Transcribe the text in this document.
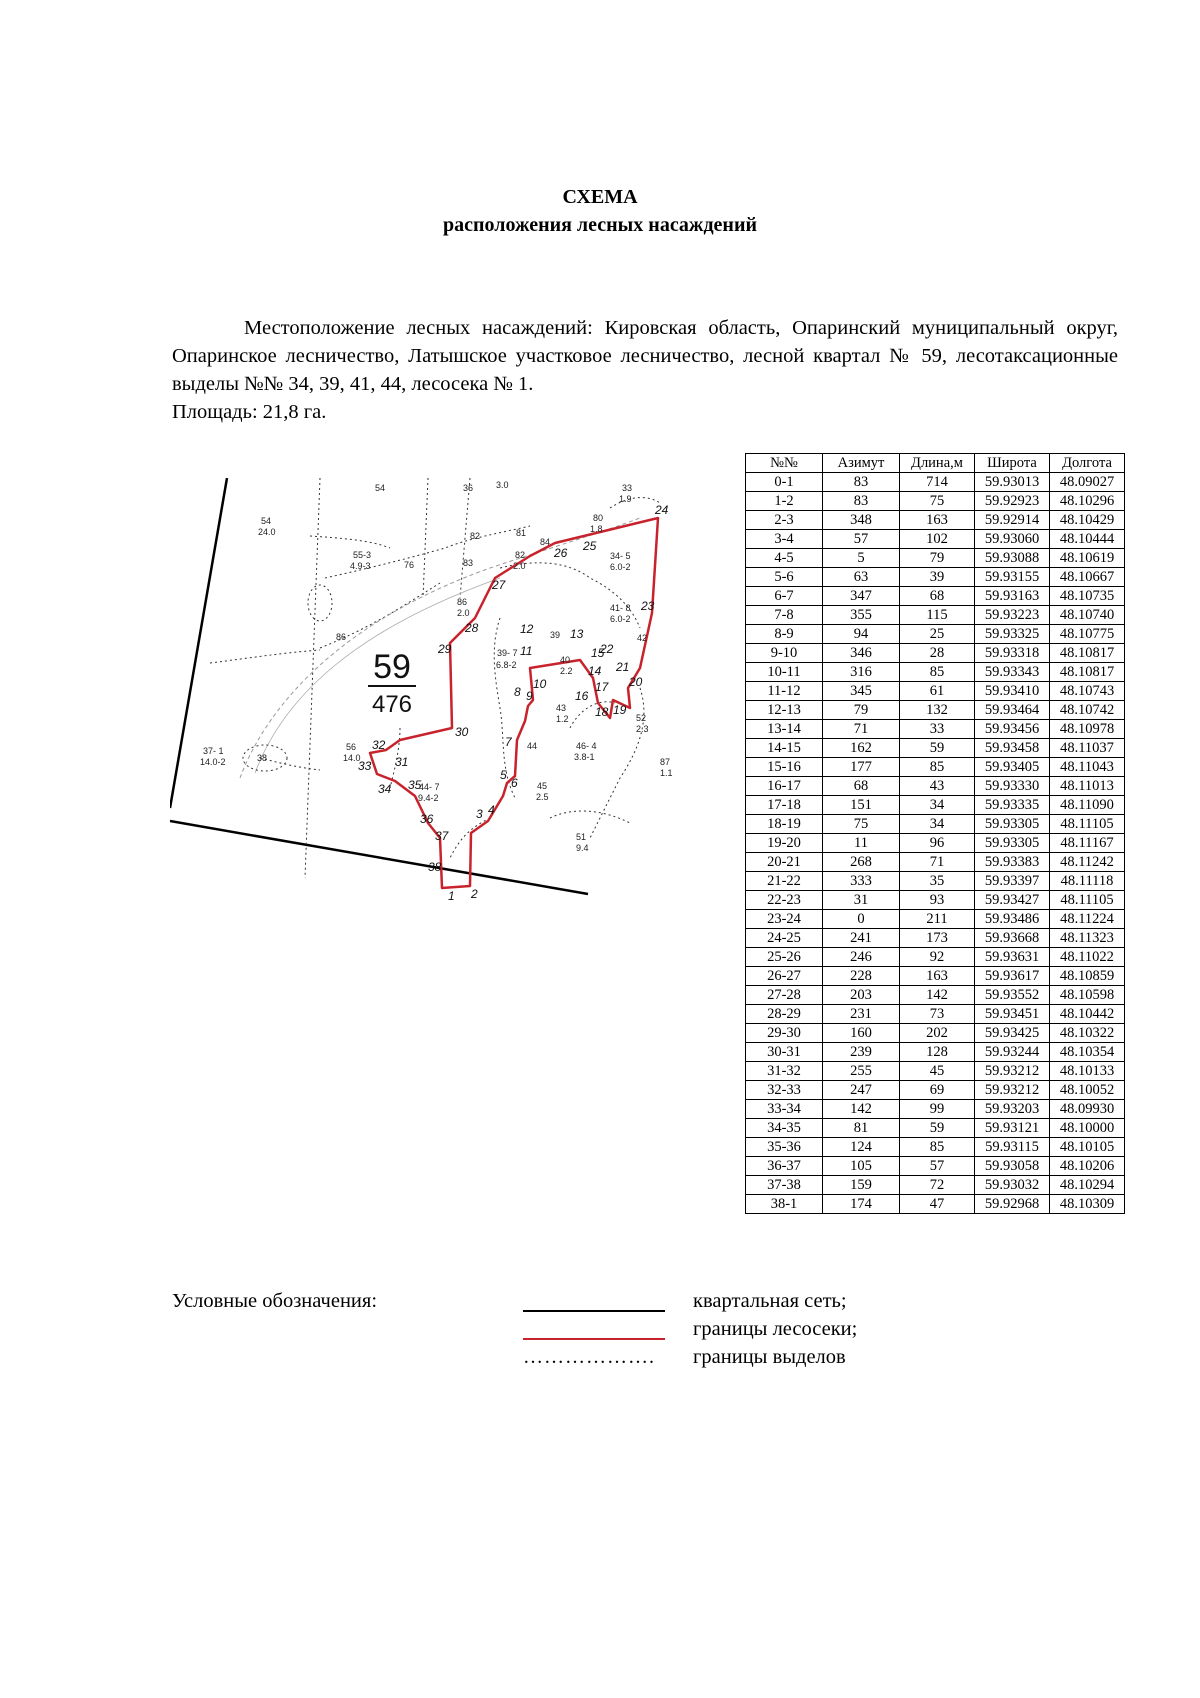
СХЕМА
расположения лесных насаждений
Местоположение лесных насаждений: Кировская область, Опаринский муниципальный округ, Опаринское лесничество, Латышское участковое лесничество, лесной квартал № 59, лесотаксационные выделы №№ 34, 39, 41, 44, лесосека № 1.
Площадь: 21,8 га.
59
476
54	36	3.0	33
1.9
54
24.0
80
1.8
82	81
84
55-3
4.9-3	76	83
82
2.0
34- 5
6.0-2
86
2.0	41- 8
6.0-2
86	39
39- 7
6.8-2	40
2.2
42
43
1.2	52
2.3
37- 1
14.0-2	38
56
14.0
44	46- 4
3.8-1	87
1.1
45
2.5
44- 7
9.4-2
51
9.4
1 2
3 4
5
6
7
8 9
10
11
12	13
14
15
16
17
18 19
20
21
22
23
24
25
26
27
28
29
30
31
32
33
34 35
36
37
38
№№	Азимут	Длина,м	Широта	Долгота
0-1	83	714	59.93013	48.09027
1-2	83	75	59.92923	48.10296
2-3	348	163	59.92914	48.10429
3-4	57	102	59.93060	48.10444
4-5	5	79	59.93088	48.10619
5-6	63	39	59.93155	48.10667
6-7	347	68	59.93163	48.10735
7-8	355	115	59.93223	48.10740
8-9	94	25	59.93325	48.10775
9-10	346	28	59.93318	48.10817
10-11	316	85	59.93343	48.10817
11-12	345	61	59.93410	48.10743
12-13	79	132	59.93464	48.10742
13-14	71	33	59.93456	48.10978
14-15	162	59	59.93458	48.11037
15-16	177	85	59.93405	48.11043
16-17	68	43	59.93330	48.11013
17-18	151	34	59.93335	48.11090
18-19	75	34	59.93305	48.11105
19-20	11	96	59.93305	48.11167
20-21	268	71	59.93383	48.11242
21-22	333	35	59.93397	48.11118
22-23	31	93	59.93427	48.11105
23-24	0	211	59.93486	48.11224
24-25	241	173	59.93668	48.11323
25-26	246	92	59.93631	48.11022
26-27	228	163	59.93617	48.10859
27-28	203	142	59.93552	48.10598
28-29	231	73	59.93451	48.10442
29-30	160	202	59.93425	48.10322
30-31	239	128	59.93244	48.10354
31-32	255	45	59.93212	48.10133
32-33	247	69	59.93212	48.10052
33-34	142	99	59.93203	48.09930
34-35	81	59	59.93121	48.10000
35-36	124	85	59.93115	48.10105
36-37	105	57	59.93058	48.10206
37-38	159	72	59.93032	48.10294
38-1	174	47	59.92968	48.10309
Условные обозначения:	квартальная сеть;
границы лесосеки;
……………….	границы выделов
